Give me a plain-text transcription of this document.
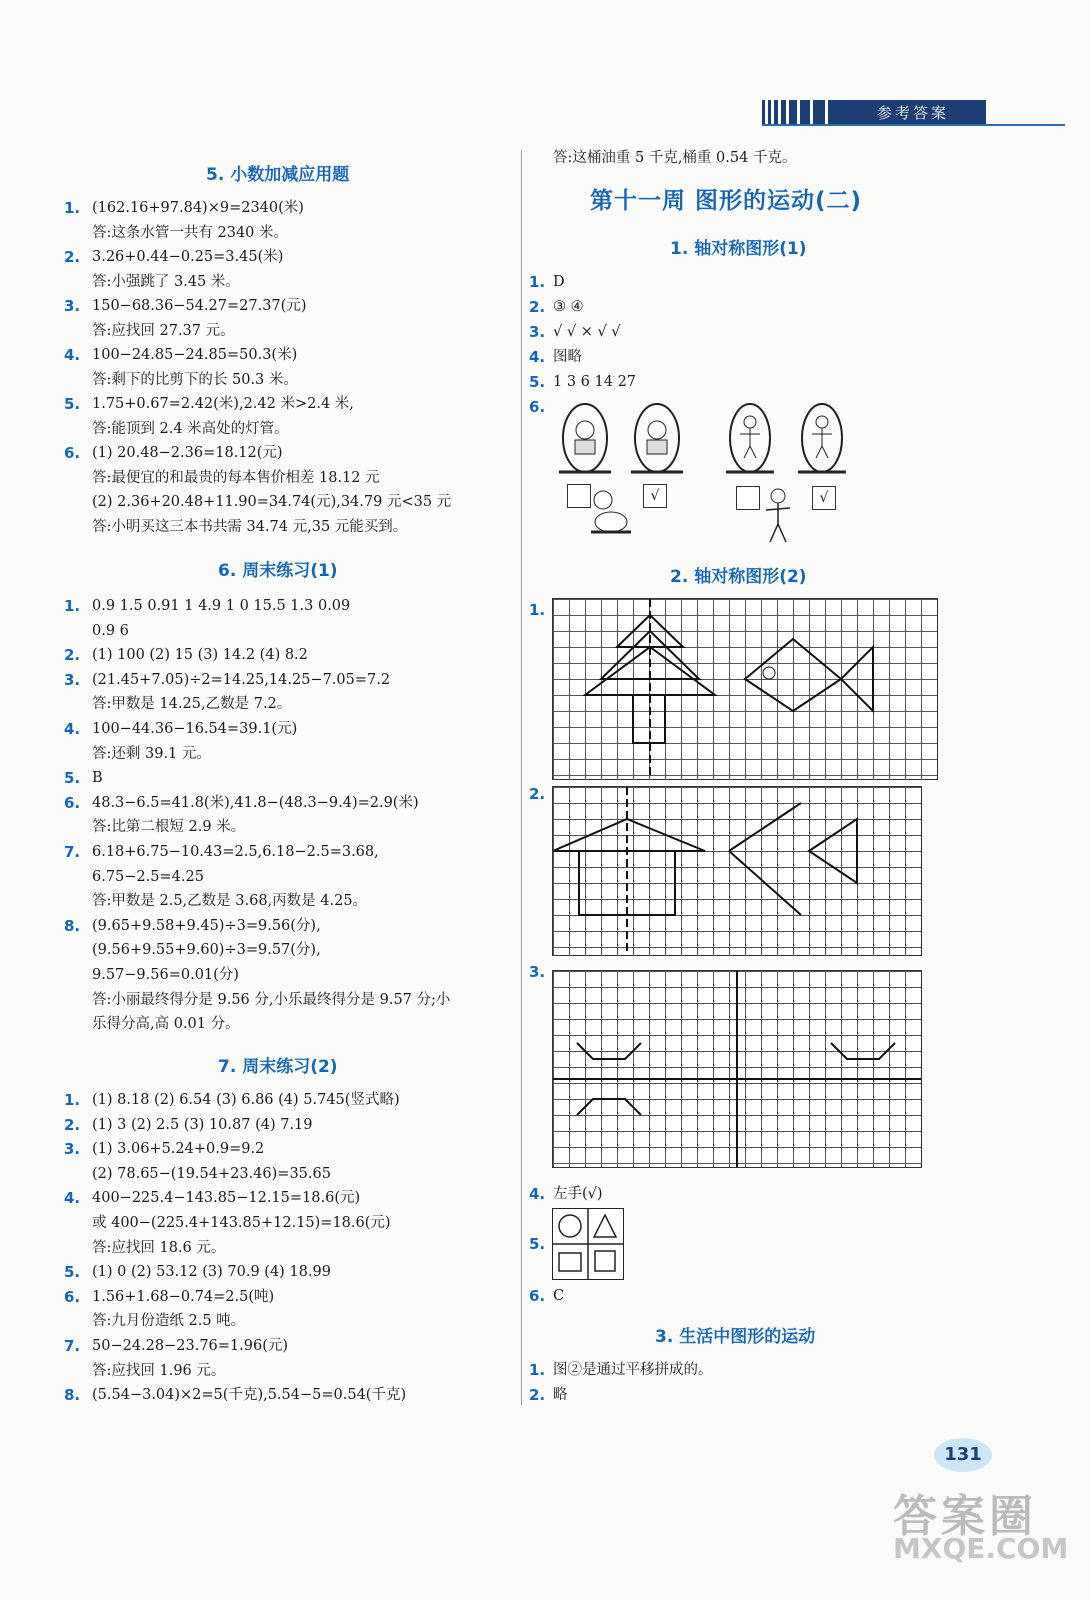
参考答案
5. 小数加减应用题
1. (162.16+97.84)×9=2340(米)
答:这条水管一共有 2340 米。
2. 3.26+0.44−0.25=3.45(米)
答:小强跳了 3.45 米。
3. 150−68.36−54.27=27.37(元)
答:应找回 27.37 元。
4. 100−24.85−24.85=50.3(米)
答:剩下的比剪下的长 50.3 米。
5. 1.75+0.67=2.42(米),2.42 米>2.4 米,
答:能顶到 2.4 米高处的灯管。
6. (1) 20.48−2.36=18.12(元)
答:最便宜的和最贵的每本售价相差 18.12 元
(2) 2.36+20.48+11.90=34.74(元),34.79 元<35 元
答:小明买这三本书共需 34.74 元,35 元能买到。
6. 周末练习(1)
1. 0.9 1.5 0.91 1 4.9 1 0 15.5 1.3 0.09
0.9 6
2. (1) 100 (2) 15 (3) 14.2 (4) 8.2
3. (21.45+7.05)÷2=14.25,14.25−7.05=7.2
答:甲数是 14.25,乙数是 7.2。
4. 100−44.36−16.54=39.1(元)
答:还剩 39.1 元。
5. B
6. 48.3−6.5=41.8(米),41.8−(48.3−9.4)=2.9(米)
答:比第二根短 2.9 米。
7. 6.18+6.75−10.43=2.5,6.18−2.5=3.68,
6.75−2.5=4.25
答:甲数是 2.5,乙数是 3.68,丙数是 4.25。
8. (9.65+9.58+9.45)÷3=9.56(分),
(9.56+9.55+9.60)÷3=9.57(分),
9.57−9.56=0.01(分)
答:小丽最终得分是 9.56 分,小乐最终得分是 9.57 分;小
乐得分高,高 0.01 分。
7. 周末练习(2)
1. (1) 8.18 (2) 6.54 (3) 6.86 (4) 5.745(竖式略)
2. (1) 3 (2) 2.5 (3) 10.87 (4) 7.19
3. (1) 3.06+5.24+0.9=9.2
(2) 78.65−(19.54+23.46)=35.65
4. 400−225.4−143.85−12.15=18.6(元)
或 400−(225.4+143.85+12.15)=18.6(元)
答:应找回 18.6 元。
5. (1) 0 (2) 53.12 (3) 70.9 (4) 18.99
6. 1.56+1.68−0.74=2.5(吨)
答:九月份造纸 2.5 吨。
7. 50−24.28−23.76=1.96(元)
答:应找回 1.96 元。
8. (5.54−3.04)×2=5(千克),5.54−5=0.54(千克)
答:这桶油重 5 千克,桶重 0.54 千克。
第十一周 图形的运动(二)
1. 轴对称图形(1)
1. D
2. ③ ④
3. √ √ × √ √
4. 图略
5. 1 3 6 14 27
6.
√	√
2. 轴对称图形(2)
1.
2.
3.
4. 左手(√)
5.
6. C
3. 生活中图形的运动
1. 图②是通过平移拼成的。
2. 略
131
答案圈
MXQE.COM
